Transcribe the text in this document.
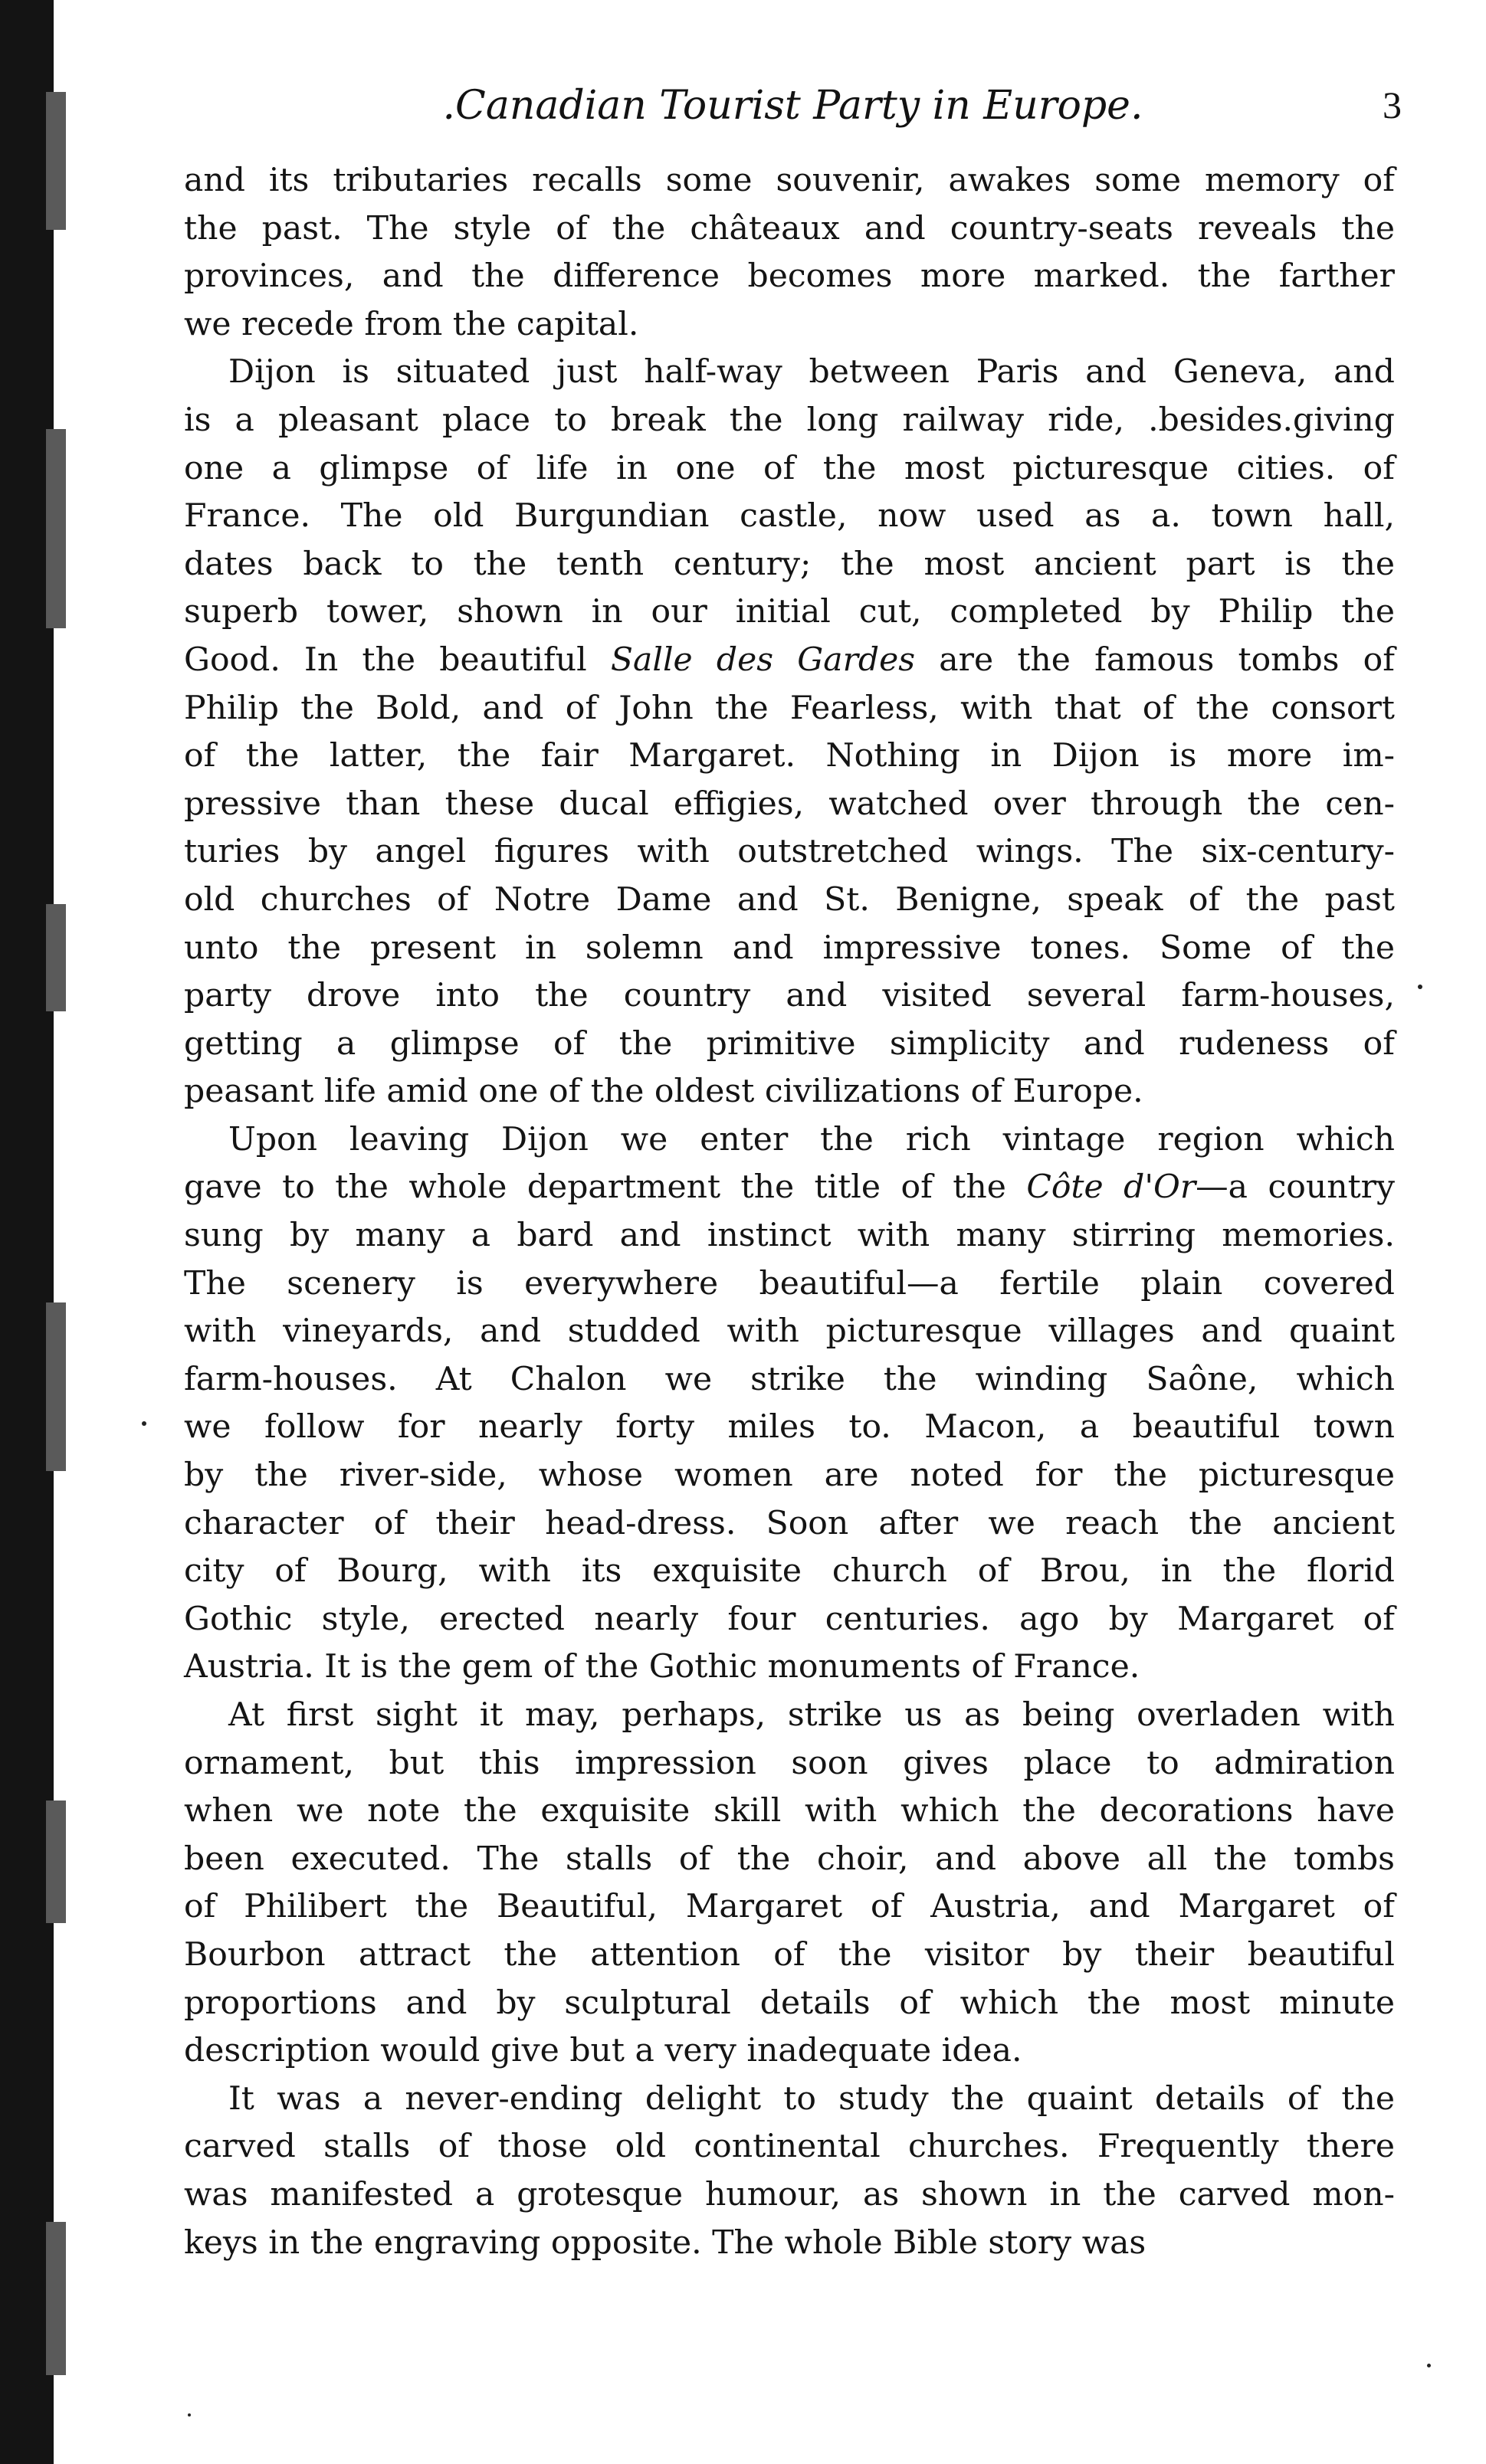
.Canadian Tourist Party in Europe.	3
and its tributaries recalls some souvenir, awakes some memory of
the past. The style of the châteaux and country-seats reveals the
provinces, and the difference becomes more marked. the farther
we recede from the capital.
Dijon is situated just half-way between Paris and Geneva, and
is a pleasant place to break the long railway ride, .besides.giving
one a glimpse of life in one of the most picturesque cities. of
France. The old Burgundian castle, now used as a. town hall,
dates back to the tenth century; the most ancient part is the
superb tower, shown in our initial cut, completed by Philip the
Good. In the beautiful Salle des Gardes are the famous tombs of
Philip the Bold, and of John the Fearless, with that of the consort
of the latter, the fair Margaret. Nothing in Dijon is more im-
pressive than these ducal effigies, watched over through the cen-
turies by angel figures with outstretched wings. The six-century-
old churches of Notre Dame and St. Benigne, speak of the past
unto the present in solemn and impressive tones. Some of the
party drove into the country and visited several farm-houses,
getting a glimpse of the primitive simplicity and rudeness of
peasant life amid one of the oldest civilizations of Europe.
Upon leaving Dijon we enter the rich vintage region which
gave to the whole department the title of the Côte d'Or—a country
sung by many a bard and instinct with many stirring memories.
The scenery is everywhere beautiful—a fertile plain covered
with vineyards, and studded with picturesque villages and quaint
farm-houses. At Chalon we strike the winding Saône, which
we follow for nearly forty miles to. Macon, a beautiful town
by the river-side, whose women are noted for the picturesque
character of their head-dress. Soon after we reach the ancient
city of Bourg, with its exquisite church of Brou, in the florid
Gothic style, erected nearly four centuries. ago by Margaret of
Austria. It is the gem of the Gothic monuments of France.
At first sight it may, perhaps, strike us as being overladen with
ornament, but this impression soon gives place to admiration
when we note the exquisite skill with which the decorations have
been executed. The stalls of the choir, and above all the tombs
of Philibert the Beautiful, Margaret of Austria, and Margaret of
Bourbon attract the attention of the visitor by their beautiful
proportions and by sculptural details of which the most minute
description would give but a very inadequate idea.
It was a never-ending delight to study the quaint details of the
carved stalls of those old continental churches. Frequently there
was manifested a grotesque humour, as shown in the carved mon-
keys in the engraving opposite. The whole Bible story was
